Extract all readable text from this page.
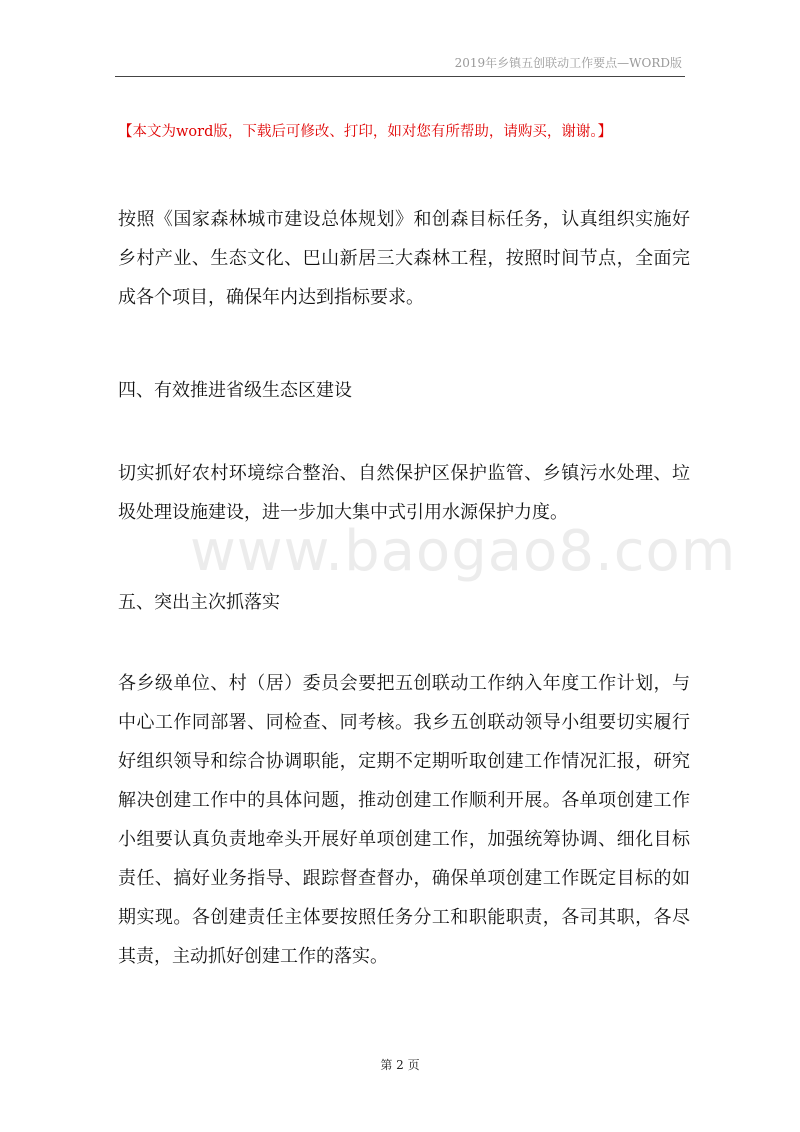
2019年乡镇五创联动工作要点—WORD版
【本文为word版，下载后可修改、打印，如对您有所帮助，请购买，谢谢。】

按照《国家森林城市建设总体规划》和创森目标任务，认真组织实施好乡村产业、生态文化、巴山新居三大森林工程，按照时间节点，全面完成各个项目，确保年内达到指标要求。

四、有效推进省级生态区建设

切实抓好农村环境综合整治、自然保护区保护监管、乡镇污水处理、垃圾处理设施建设，进一步加大集中式引用水源保护力度。

www.baogao8.com

五、突出主次抓落实

各乡级单位、村（居）委员会要把五创联动工作纳入年度工作计划，与中心工作同部署、同检查、同考核。我乡五创联动领导小组要切实履行好组织领导和综合协调职能，定期不定期听取创建工作情况汇报，研究解决创建工作中的具体问题，推动创建工作顺利开展。各单项创建工作小组要认真负责地牵头开展好单项创建工作，加强统筹协调、细化目标责任、搞好业务指导、跟踪督查督办，确保单项创建工作既定目标的如期实现。各创建责任主体要按照任务分工和职能职责，各司其职，各尽其责，主动抓好创建工作的落实。

第 2 页
